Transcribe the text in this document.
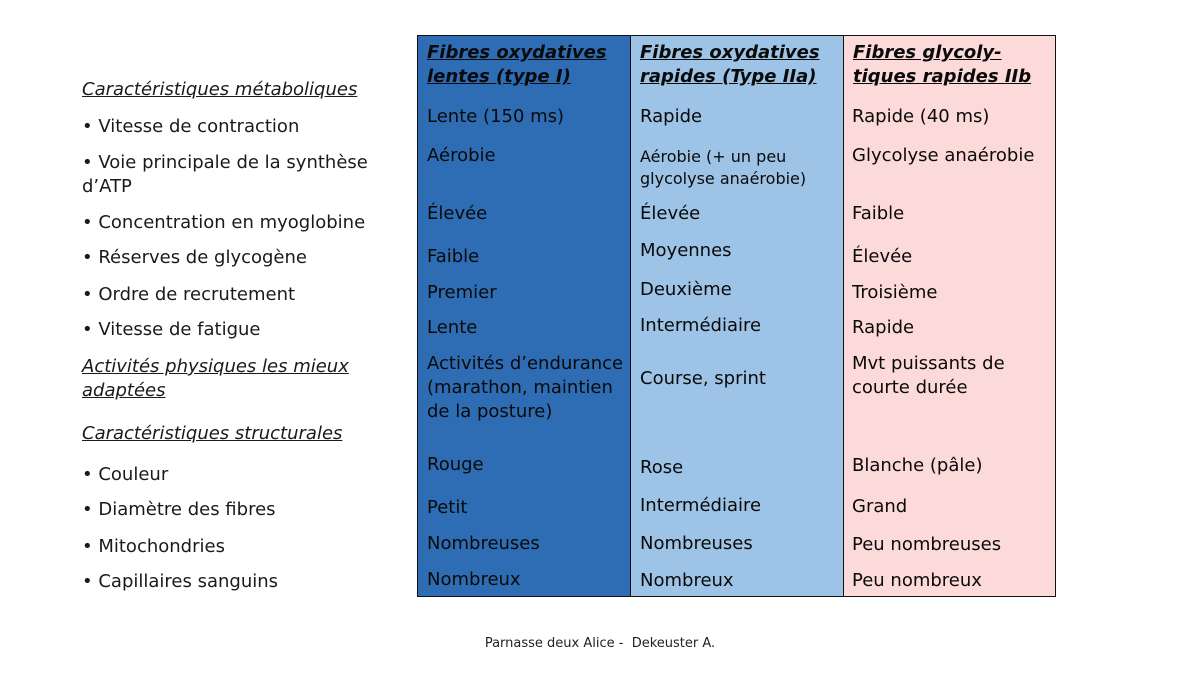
Caractéristiques métaboliques
• Vitesse de contraction
• Voie principale de la synthèse
d’ATP
• Concentration en myoglobine
• Réserves de glycogène
• Ordre de recrutement
• Vitesse de fatigue
Activités physiques les mieux
adaptées
Caractéristiques structurales
• Couleur
• Diamètre des fibres
• Mitochondries
• Capillaires sanguins
Fibres oxydatives
lentes (type I)
Lente (150 ms)
Aérobie
Élevée
Faible
Premier
Lente
Activités d’endurance
(marathon, maintien
de la posture)
Rouge
Petit
Nombreuses
Nombreux
Fibres oxydatives
rapides (Type IIa)
Rapide
Aérobie (+ un peu
glycolyse anaérobie)
Élevée
Moyennes
Deuxième
Intermédiaire
Course, sprint
Rose
Intermédiaire
Nombreuses
Nombreux
Fibres glycoly-
tiques rapides IIb
Rapide (40 ms)
Glycolyse anaérobie
Faible
Élevée
Troisième
Rapide
Mvt puissants de
courte durée
Blanche (pâle)
Grand
Peu nombreuses
Peu nombreux
Parnasse deux Alice -  Dekeuster A.
